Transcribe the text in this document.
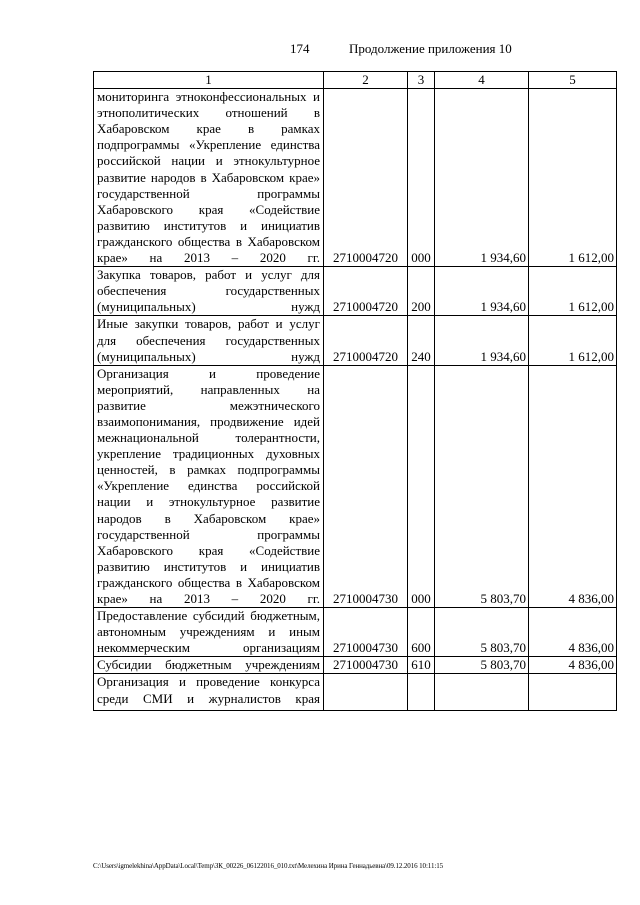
174	Продолжение приложения 10
1	2	3	4	5
мониторинга этноконфессиональных и этнополитических отношений в Хабаровском крае в рамках подпрограммы «Укрепление единства российской нации и этнокультурное развитие народов в Хабаровском крае» государственной программы Хабаровского края «Содействие развитию институтов и инициатив гражданского общества в Хабаровском крае» на 2013 – 2020 гг.	2710004720	000	1 934,60	1 612,00
Закупка товаров, работ и услуг для обеспечения государственных (муниципальных) нужд	2710004720	200	1 934,60	1 612,00
Иные закупки товаров, работ и услуг для обеспечения государственных (муниципальных) нужд	2710004720	240	1 934,60	1 612,00
Организация и проведение мероприятий, направленных на развитие межэтнического взаимопонимания, продвижение идей межнациональной толерантности, укрепление традиционных духовных ценностей, в рамках подпрограммы «Укрепление единства российской нации и этнокультурное развитие народов в Хабаровском крае» государственной программы Хабаровского края «Содействие развитию институтов и инициатив гражданского общества в Хабаровском крае» на 2013 – 2020 гг.	2710004730	000	5 803,70	4 836,00
Предоставление субсидий бюджетным, автономным учреждениям и иным некоммерческим организациям	2710004730	600	5 803,70	4 836,00
Субсидии бюджетным учреждениям	2710004730	610	5 803,70	4 836,00
Организация и проведение конкурса среди СМИ и журналистов края				
C:\Users\igmelekhina\AppData\Local\Temp\ЗК_00226_06122016_010.txt\Мелехина Ирина Геннадьевна\09.12.2016 10:11:15
